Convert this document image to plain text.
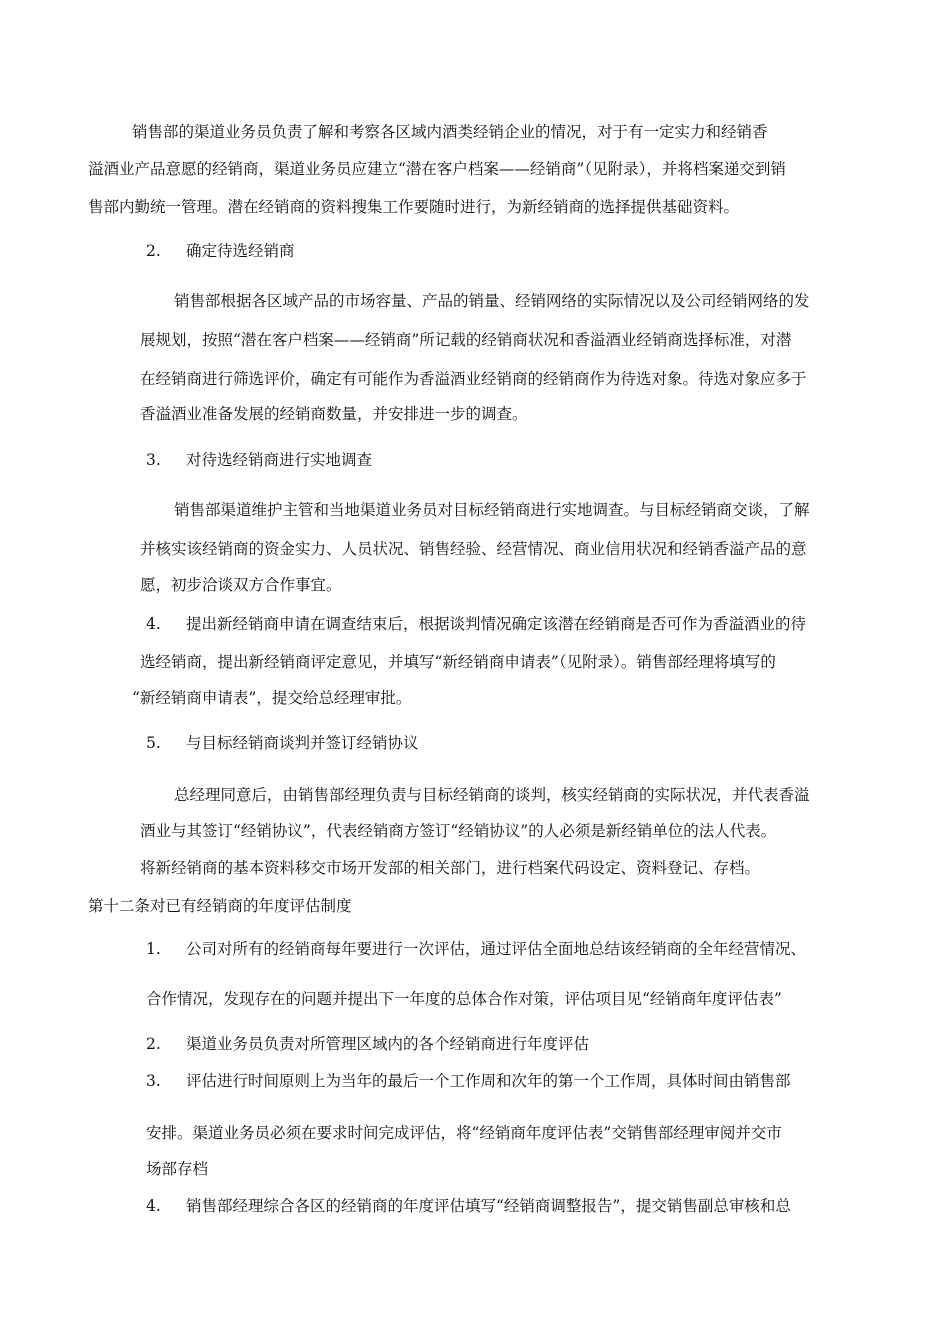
销售部的渠道业务员负责了解和考察各区域内酒类经销企业的情况，对于有一定实力和经销香
溢酒业产品意愿的经销商，渠道业务员应建立“潜在客户档案——经销商”（见附录），并将档案递交到销
售部内勤统一管理。潜在经销商的资料搜集工作要随时进行，为新经销商的选择提供基础资料。
2. 确定待选经销商
销售部根据各区域产品的市场容量、产品的销量、经销网络的实际情况以及公司经销网络的发
展规划，按照“潜在客户档案——经销商”所记载的经销商状况和香溢酒业经销商选择标准，对潜
在经销商进行筛选评价，确定有可能作为香溢酒业经销商的经销商作为待选对象。待选对象应多于
香溢酒业准备发展的经销商数量，并安排进一步的调查。
3. 对待选经销商进行实地调查
销售部渠道维护主管和当地渠道业务员对目标经销商进行实地调查。与目标经销商交谈，了解
并核实该经销商的资金实力、人员状况、销售经验、经营情况、商业信用状况和经销香溢产品的意
愿，初步洽谈双方合作事宜。
4. 提出新经销商申请在调查结束后，根据谈判情况确定该潜在经销商是否可作为香溢酒业的待
选经销商，提出新经销商评定意见，并填写“新经销商申请表”（见附录）。销售部经理将填写的
“新经销商申请表”，提交给总经理审批。
5. 与目标经销商谈判并签订经销协议
总经理同意后，由销售部经理负责与目标经销商的谈判，核实经销商的实际状况，并代表香溢
酒业与其签订“经销协议”，代表经销商方签订“经销协议”的人必须是新经销单位的法人代表。
将新经销商的基本资料移交市场开发部的相关部门，进行档案代码设定、资料登记、存档。
第十二条对已有经销商的年度评估制度
1. 公司对所有的经销商每年要进行一次评估，通过评估全面地总结该经销商的全年经营情况、
合作情况，发现存在的问题并提出下一年度的总体合作对策，评估项目见“经销商年度评估表”
2. 渠道业务员负责对所管理区域内的各个经销商进行年度评估
3. 评估进行时间原则上为当年的最后一个工作周和次年的第一个工作周，具体时间由销售部
安排。渠道业务员必须在要求时间完成评估，将“经销商年度评估表”交销售部经理审阅并交市
场部存档
4. 销售部经理综合各区的经销商的年度评估填写“经销商调整报告”，提交销售副总审核和总
